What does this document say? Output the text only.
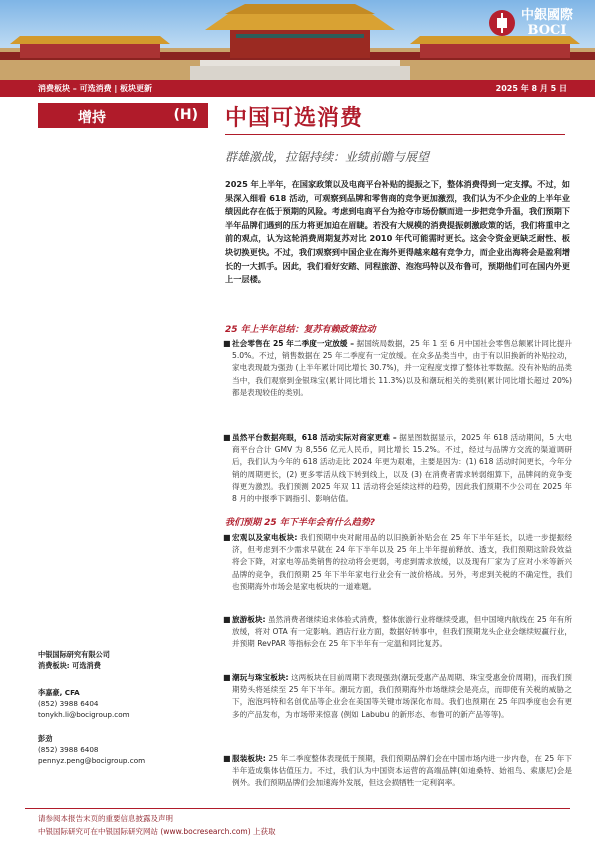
中銀國際
BOCI
消费板块 – 可选消费 | 板块更新	2025 年 8 月 5 日
增持	(H) 中国可选消费
群雄激战，拉锯持续：业绩前瞻与展望
2025 年上半年，在国家政策以及电商平台补贴的提振之下，整体消费得到一定支撑。不过，如果深入细看 618 活动，可观察到品牌和零售商的竞争更加激烈，我们认为不少企业的上半年业绩因此存在低于预期的风险。考虑到电商平台为抢夺市场份额而进一步把竞争升温，我们预期下半年品牌们遇到的压力将更加迫在眉睫。若没有大规模的消费提振刺激政策的话，我们将重申之前的观点，认为这轮消费周期复苏对比 2010 年代可能需时更长。这会令资金更缺乏耐性、板块切换更快。不过，我们观察到中国企业在海外更得越来越有竞争力，而企业出海将会是盈利增长的一大抓手。因此，我们看好安踏、同程旅游、泡泡玛特以及布鲁可，预期他们可在国内外更上一层楼。
25 年上半年总结：复苏有赖政策拉动
■ 社会零售在 25 年二季度一定放缓 – 据国统局数据，25 年 1 至 6 月中国社会零售总额累计同比提升 5.0%。不过，销售数据在 25 年二季度有一定放缓。在众多品类当中，由于有以旧换新的补贴拉动，家电表现最为强劲 (上半年累计同比增长 30.7%)，并一定程度支撑了整体社零数据。没有补贴的品类当中，我们观察到金银珠宝(累计同比增长 11.3%)以及和潮玩相关的类别(累计同比增长超过 20%) 都是表现较佳的类别。
■ 虽然平台数据亮眼，618 活动实际对商家更难 – 据星图数据显示，2025 年 618 活动期间，5 大电商平台合计 GMV 为 8,556 亿元人民币，同比增长 15.2%。不过，经过与品牌方交流的渠道调研后，我们认为今年的 618 活动走比 2024 年更为艰难，主要是因为：(1) 618 活动时间更长，今年分销的周期更长，(2) 更多零活从线下转到线上，以及 (3) 在消费者需求转弱细算下，品牌间的竞争变得更为激烈。我们预测 2025 年双 11 活动将会延续这样的趋势，因此我们预期不少公司在 2025 年 8 月的中报季下调指引、影响估值。
我们预期 25 年下半年会有什么趋势?
■ 宏观以及家电板块: 我们预期中央对耐用品的以旧换新补贴会在 25 年下半年延长，以进一步提振经济，但考虑到不少需求早就在 24 年下半年以及 25 年上半年提前释放、透支，我们预期这阶段效益将会下降，对家电等品类销售的拉动将会更弱，考虑到需求放缓，以及现有厂家为了应对小米等新兴品牌的竞争，我们预期 25 年下半年家电行业会有一波价格战。另外，考虑到关税的不确定性，我们也预期海外市场会是家电板块的一道难题。
■ 旅游板块: 虽然消费者继续追求体验式消费，整体旅游行业将继续受惠，但中国境内航线在 25 年有所放缓，将对 OTA 有一定影响。酒店行业方面，数据好转事中，但我们预期龙头企业会继续短赢行业，并预期 RevPAR 等指标会在 25 年下半年有一定温和同比复苏。
■ 潮玩与珠宝板块: 这两板块在目前周期下表现强劲(潮玩受惠产品周期、珠宝受惠金价周期)，而我们预期势头将延续至 25 年下半年。潮玩方面，我们预期海外市场继续会是亮点，而即使有关税的威胁之下，泡泡玛特和名创优品等企业会在美国等关键市场深化布局。我们也预期在 25 年四季度也会有更多的产品发布，为市场带来惊喜 (例如 Labubu 的新形态、布鲁可的新产品等等)。
■ 服装板块: 25 年二季度整体表现低于预期，我们预期品牌们会在中国市场内进一步内卷，在 25 年下半年造成集体估值压力。不过，我们认为中国资本运营的高端品牌(如迪桑特、始祖鸟、索康尼)会是例外。我们预期品牌们会加速海外发展，但这会损牺牲一定利润率。
中银国际研究有限公司
消费板块: 可选消费
李嘉豪, CFA
(852) 3988 6404
tonykh.li@bocigroup.com
彭劲
(852) 3988 6408
pennyz.peng@bocigroup.com
请参阅本报告末页的重要信息披露及声明
中银国际研究可在中银国际研究网站 (www.bocresearch.com) 上获取
